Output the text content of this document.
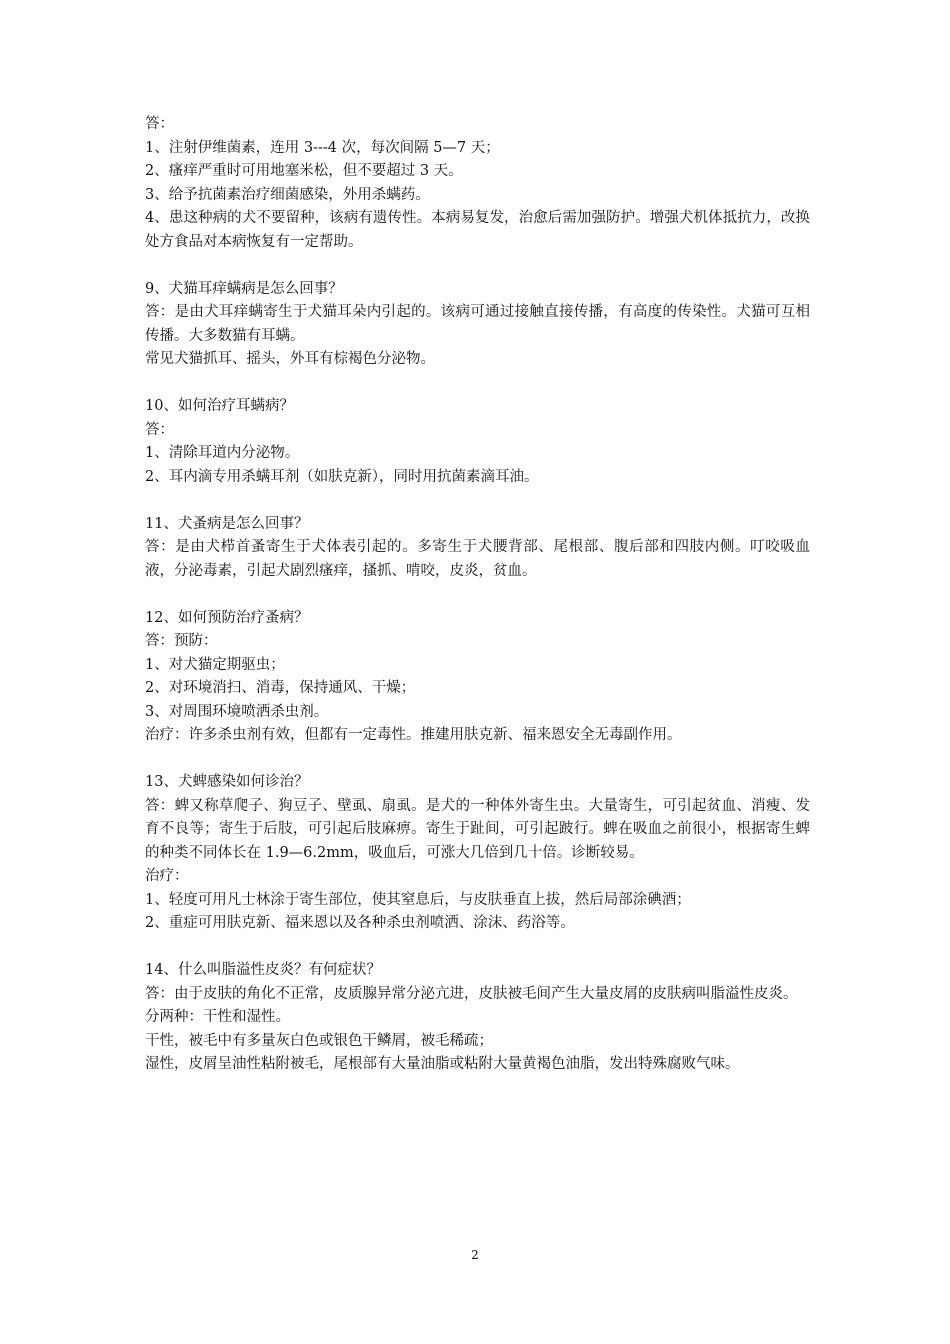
答：

1、注射伊维菌素，连用 3---4 次，每次间隔 5—7 天；

2、瘙痒严重时可用地塞米松，但不要超过 3 天。

3、给予抗菌素治疗细菌感染，外用杀螨药。

4、患这种病的犬不要留种，该病有遗传性。本病易复发，治愈后需加强防护。增强犬机体抵抗力，改换处方食品对本病恢复有一定帮助。

9、犬猫耳痒螨病是怎么回事？

答：是由犬耳痒螨寄生于犬猫耳朵内引起的。该病可通过接触直接传播，有高度的传染性。犬猫可互相传播。大多数猫有耳螨。

常见犬猫抓耳、摇头，外耳有棕褐色分泌物。

10、如何治疗耳螨病？

答：

1、清除耳道内分泌物。

2、耳内滴专用杀螨耳剂（如肤克新），同时用抗菌素滴耳油。

11、犬蚤病是怎么回事？

答：是由犬栉首蚤寄生于犬体表引起的。多寄生于犬腰背部、尾根部、腹后部和四肢内侧。叮咬吸血液，分泌毒素，引起犬剧烈瘙痒，搔抓、啃咬，皮炎，贫血。

12、如何预防治疗蚤病？

答：预防：

1、对犬猫定期驱虫；

2、对环境消扫、消毒，保持通风、干燥；

3、对周围环境喷洒杀虫剂。

治疗：许多杀虫剂有效，但都有一定毒性。推建用肤克新、福来恩安全无毒副作用。

13、犬蜱感染如何诊治？

答：蜱又称草爬子、狗豆子、壁虱、扇虱。是犬的一种体外寄生虫。大量寄生，可引起贫血、消瘦、发育不良等；寄生于后肢，可引起后肢麻痹。寄生于趾间，可引起跛行。蜱在吸血之前很小，根据寄生蜱的种类不同体长在 1.9—6.2mm，吸血后，可涨大几倍到几十倍。诊断较易。

治疗：

1、轻度可用凡士林涂于寄生部位，使其窒息后，与皮肤垂直上拔，然后局部涂碘酒；

2、重症可用肤克新、福来恩以及各种杀虫剂喷洒、涂沫、药浴等。

14、什么叫脂溢性皮炎？有何症状？

答：由于皮肤的角化不正常，皮质腺异常分泌亢进，皮肤被毛间产生大量皮屑的皮肤病叫脂溢性皮炎。

分两种：干性和湿性。

干性，被毛中有多量灰白色或银色干鳞屑，被毛稀疏；

湿性，皮屑呈油性粘附被毛，尾根部有大量油脂或粘附大量黄褐色油脂，发出特殊腐败气味。

2
